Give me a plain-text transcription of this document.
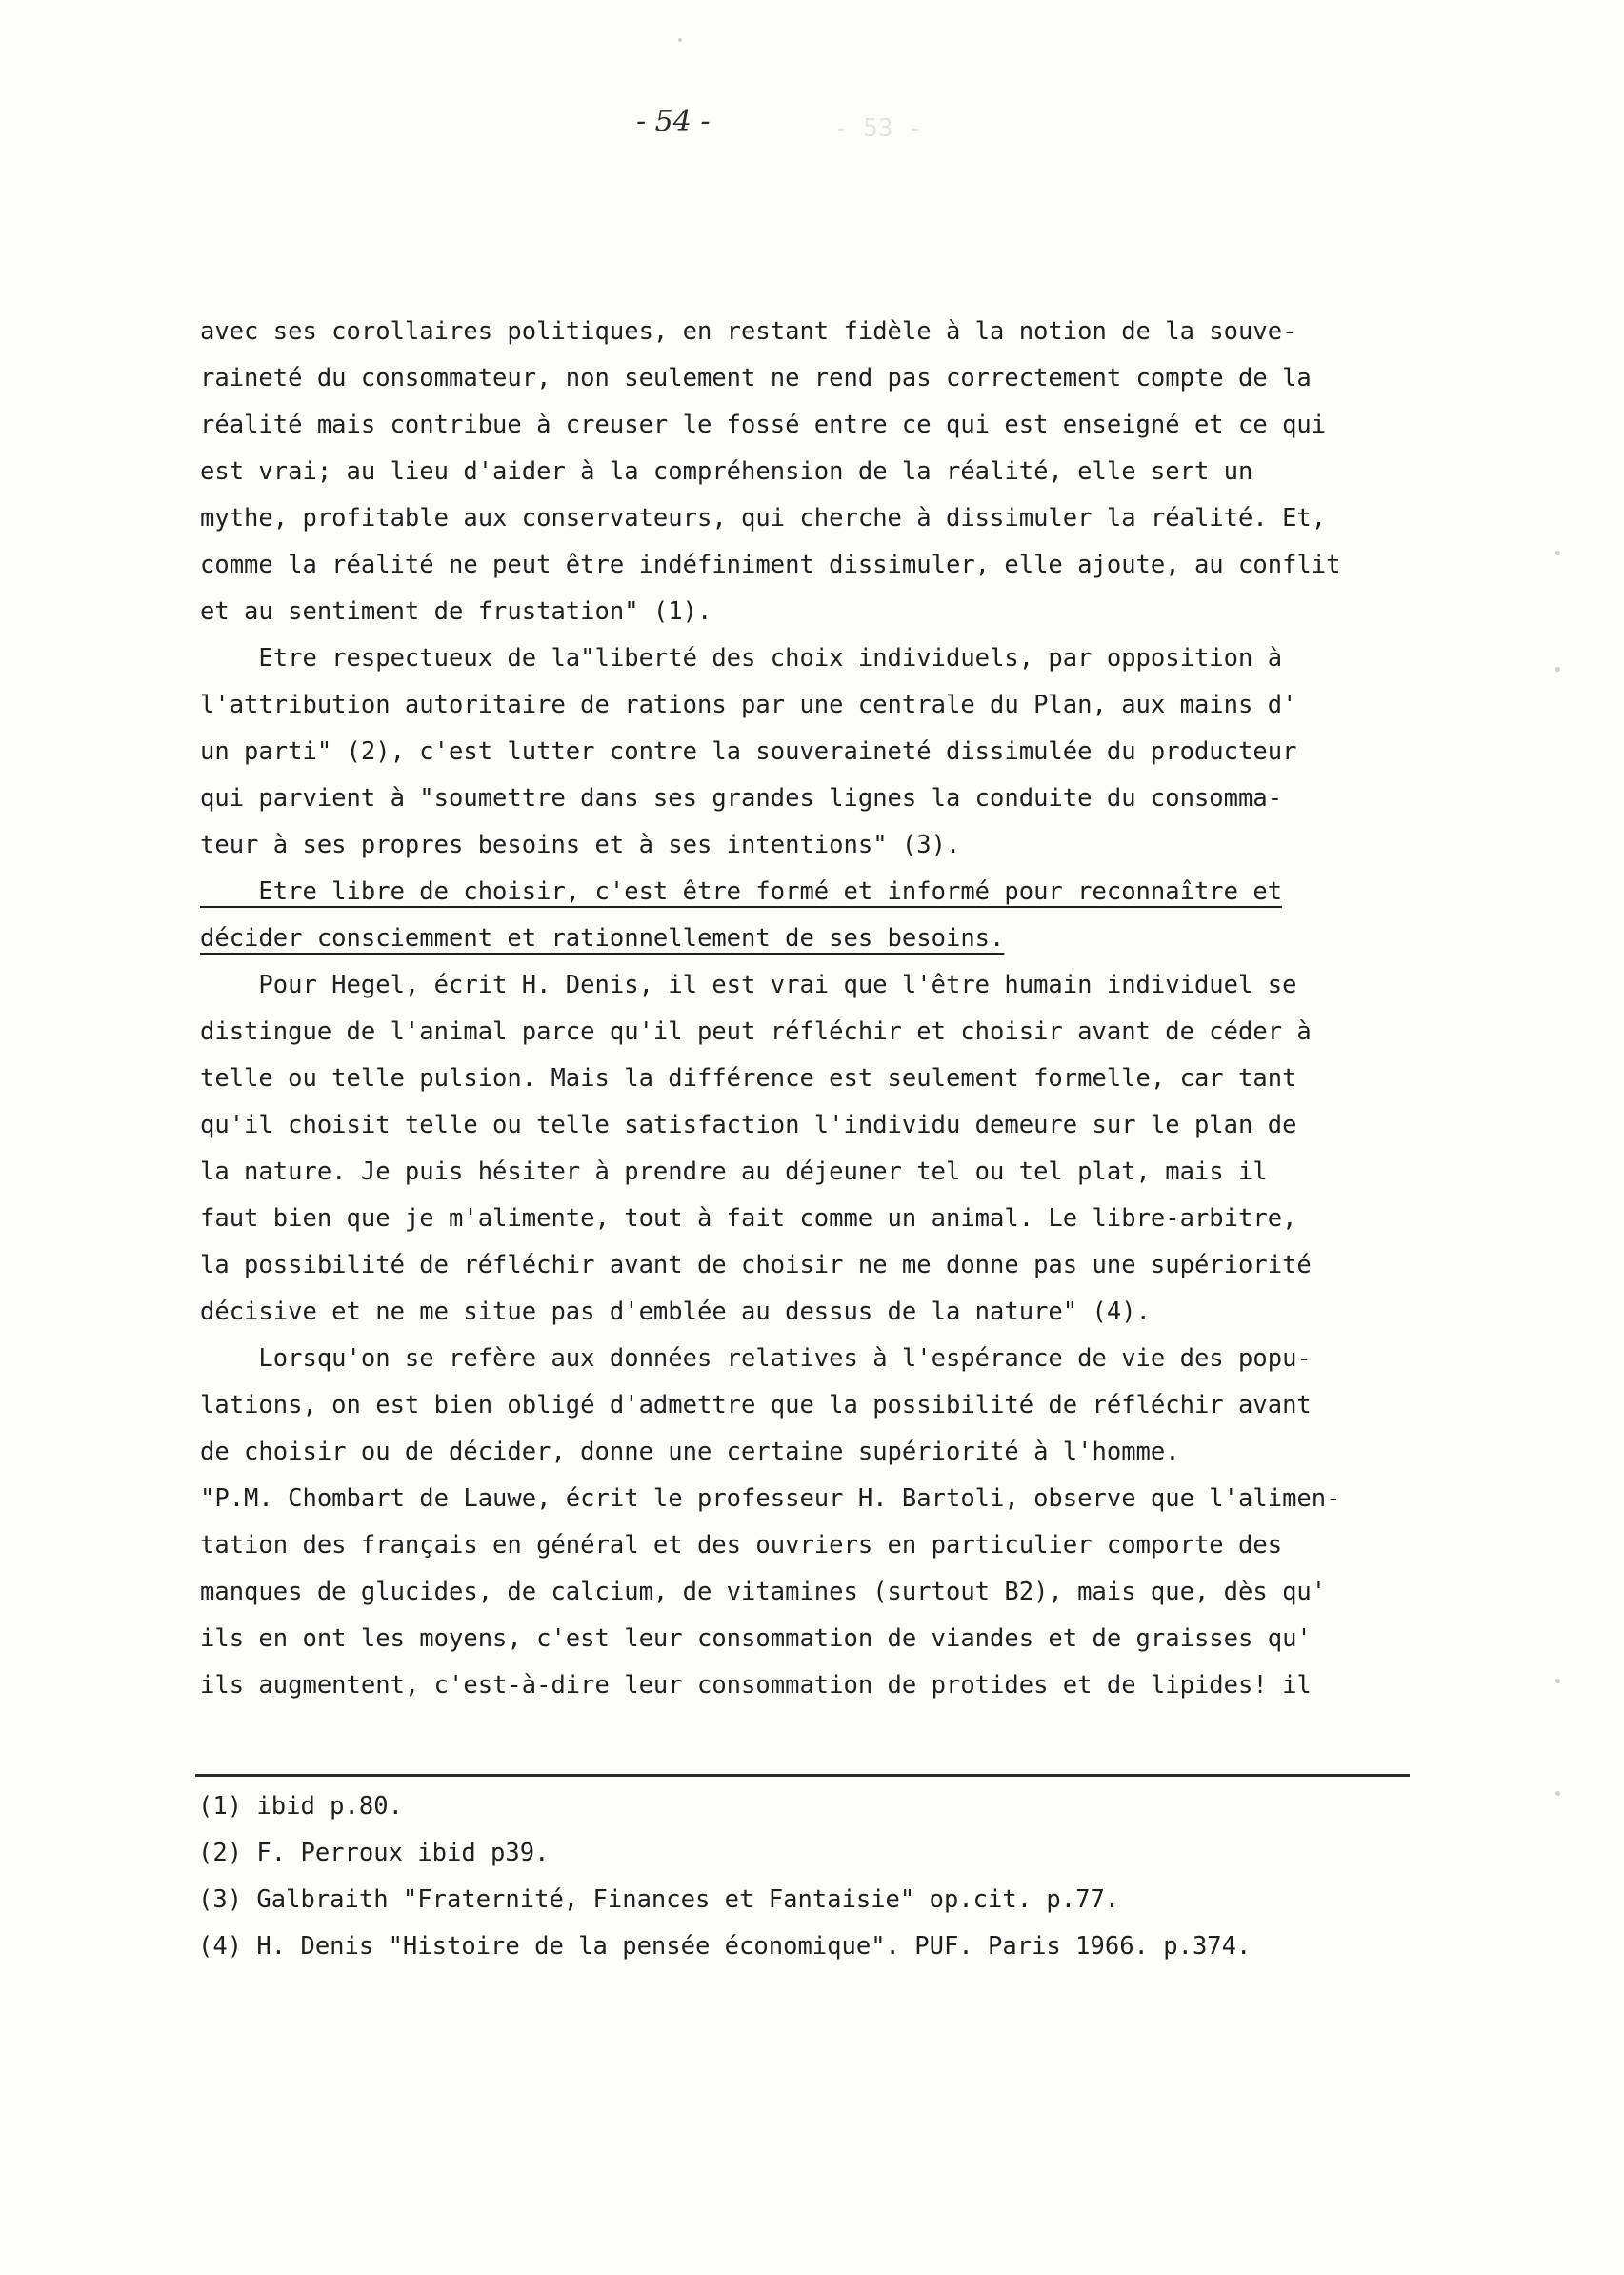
- 53 -
- 54 -
avec ses corollaires politiques, en restant fidèle à la notion de la souve-
raineté du consommateur, non seulement ne rend pas correctement compte de la
réalité mais contribue à creuser le fossé entre ce qui est enseigné et ce qui
est vrai; au lieu d'aider à la compréhension de la réalité, elle sert un
mythe, profitable aux conservateurs, qui cherche à dissimuler la réalité. Et,
comme la réalité ne peut être indéfiniment dissimuler, elle ajoute, au conflit
et au sentiment de frustation" (1).
Etre respectueux de la"liberté des choix individuels, par opposition à
l'attribution autoritaire de rations par une centrale du Plan, aux mains d'
un parti" (2), c'est lutter contre la souveraineté dissimulée du producteur
qui parvient à "soumettre dans ses grandes lignes la conduite du consomma-
teur à ses propres besoins et à ses intentions" (3).
Etre libre de choisir, c'est être formé et informé pour reconnaître et
décider consciemment et rationnellement de ses besoins.
Pour Hegel, écrit H. Denis, il est vrai que l'être humain individuel se
distingue de l'animal parce qu'il peut réfléchir et choisir avant de céder à
telle ou telle pulsion. Mais la différence est seulement formelle, car tant
qu'il choisit telle ou telle satisfaction l'individu demeure sur le plan de
la nature. Je puis hésiter à prendre au déjeuner tel ou tel plat, mais il
faut bien que je m'alimente, tout à fait comme un animal. Le libre-arbitre,
la possibilité de réfléchir avant de choisir ne me donne pas une supériorité
décisive et ne me situe pas d'emblée au dessus de la nature" (4).
Lorsqu'on se refère aux données relatives à l'espérance de vie des popu-
lations, on est bien obligé d'admettre que la possibilité de réfléchir avant
de choisir ou de décider, donne une certaine supériorité à l'homme.
"P.M. Chombart de Lauwe, écrit le professeur H. Bartoli, observe que l'alimen-
tation des français en général et des ouvriers en particulier comporte des
manques de glucides, de calcium, de vitamines (surtout B2), mais que, dès qu'
ils en ont les moyens, c'est leur consommation de viandes et de graisses qu'
ils augmentent, c'est-à-dire leur consommation de protides et de lipides! il
(1) ibid p.80.
(2) F. Perroux ibid p39.
(3) Galbraith "Fraternité, Finances et Fantaisie" op.cit. p.77.
(4) H. Denis "Histoire de la pensée économique". PUF. Paris 1966. p.374.
